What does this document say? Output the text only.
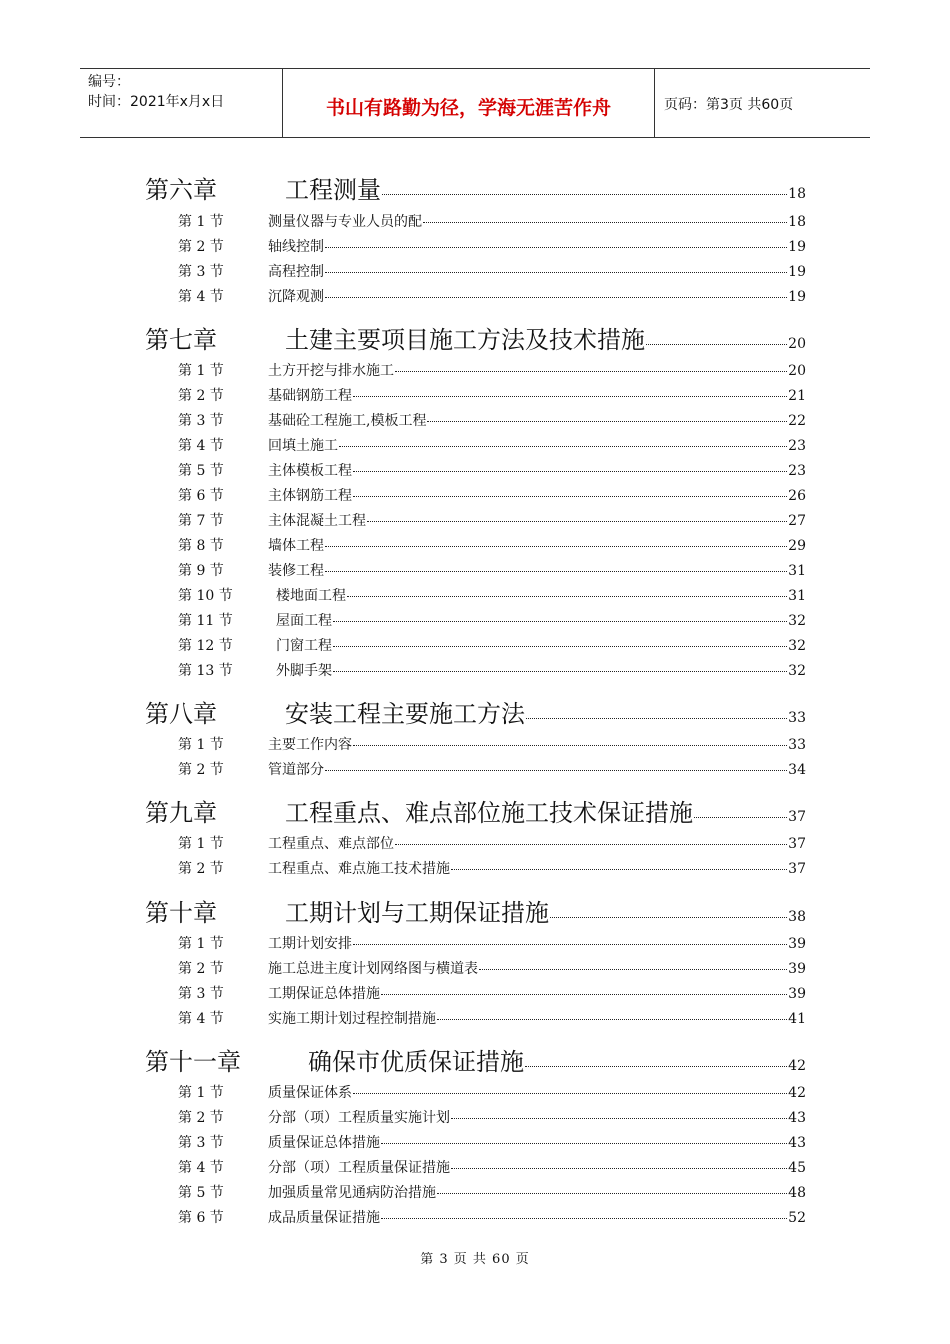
编号：
时间：2021年x月x日	书山有路勤为径，学海无涯苦作舟	页码：第3页 共60页
第六章	工程测量	18
第 1 节	测量仪器与专业人员的配	18
第 2 节	轴线控制	19
第 3 节	高程控制	19
第 4 节	沉降观测	19
第七章	土建主要项目施工方法及技术措施	20
第 1 节	土方开挖与排水施工	20
第 2 节	基础钢筋工程	21
第 3 节	基础砼工程施工,模板工程	22
第 4 节	回填土施工	23
第 5 节	主体模板工程	23
第 6 节	主体钢筋工程	26
第 7 节	主体混凝土工程	27
第 8 节	墙体工程	29
第 9 节	装修工程	31
第 10 节	楼地面工程	31
第 11 节	屋面工程	32
第 12 节	门窗工程	32
第 13 节	外脚手架	32
第八章	安装工程主要施工方法	33
第 1 节	主要工作内容	33
第 2 节	管道部分	34
第九章	工程重点、难点部位施工技术保证措施	37
第 1 节	工程重点、难点部位	37
第 2 节	工程重点、难点施工技术措施	37
第十章	工期计划与工期保证措施	38
第 1 节	工期计划安排	39
第 2 节	施工总进主度计划网络图与横道表	39
第 3 节	工期保证总体措施	39
第 4 节	实施工期计划过程控制措施	41
第十一章	确保市优质保证措施	42
第 1 节	质量保证体系	42
第 2 节	分部（项）工程质量实施计划	43
第 3 节	质量保证总体措施	43
第 4 节	分部（项）工程质量保证措施	45
第 5 节	加强质量常见通病防治措施	48
第 6 节	成品质量保证措施	52
第 3 页 共 60 页
